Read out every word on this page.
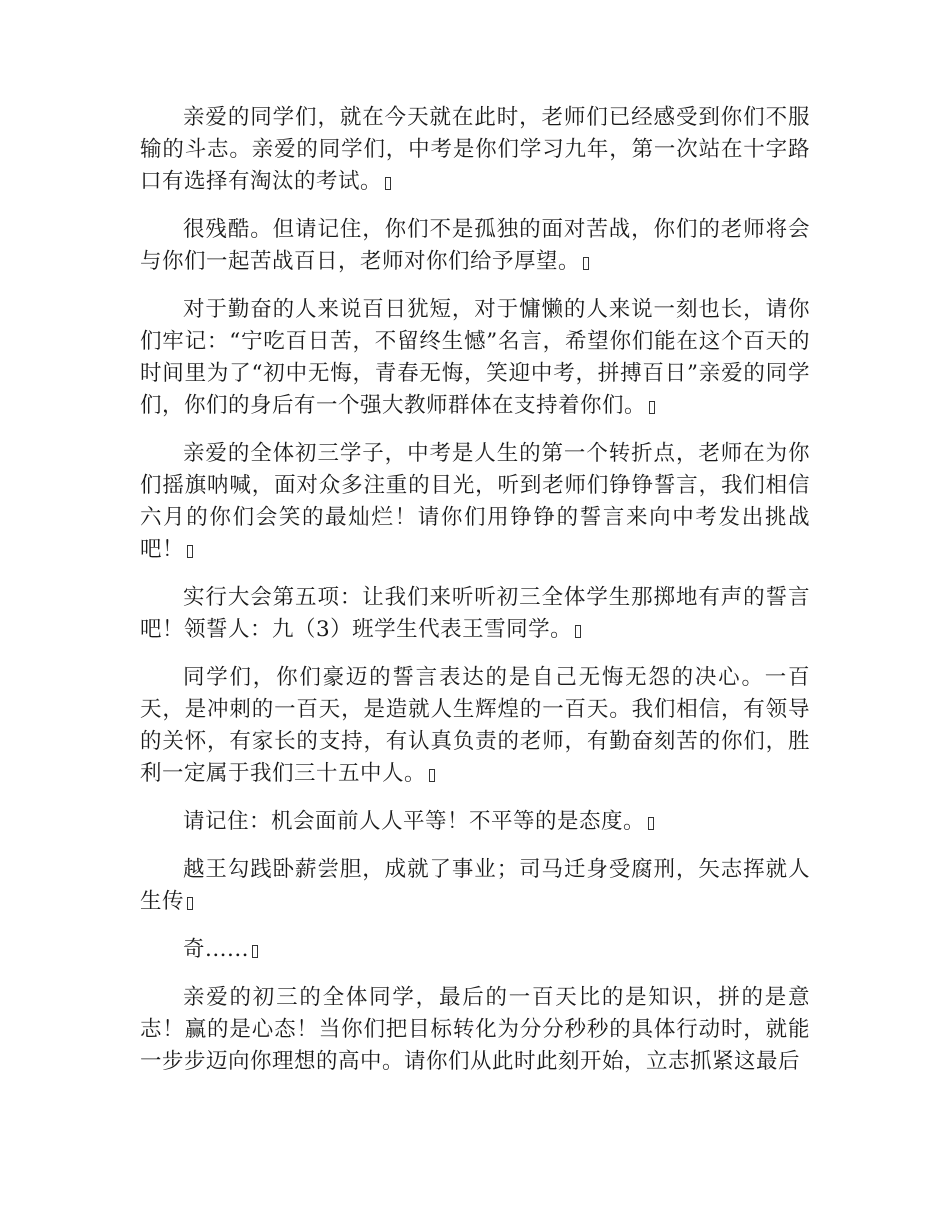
亲爱的同学们，就在今天就在此时，老师们已经感受到你们不服输的斗志。亲爱的同学们，中考是你们学习九年，第一次站在十字路口有选择有淘汰的考试。

很残酷。但请记住，你们不是孤独的面对苦战，你们的老师将会与你们一起苦战百日，老师对你们给予厚望。

对于勤奋的人来说百日犹短，对于慵懒的人来说一刻也长，请你们牢记：“宁吃百日苦，不留终生憾”名言，希望你们能在这个百天的时间里为了“初中无悔，青春无悔，笑迎中考，拼搏百日”亲爱的同学们，你们的身后有一个强大教师群体在支持着你们。

亲爱的全体初三学子，中考是人生的第一个转折点，老师在为你们摇旗呐喊，面对众多注重的目光，听到老师们铮铮誓言，我们相信六月的你们会笑的最灿烂！请你们用铮铮的誓言来向中考发出挑战吧！

实行大会第五项：让我们来听听初三全体学生那掷地有声的誓言吧！领誓人：九（3）班学生代表王雪同学。

同学们，你们豪迈的誓言表达的是自己无悔无怨的决心。一百天，是冲刺的一百天，是造就人生辉煌的一百天。我们相信，有领导的关怀，有家长的支持，有认真负责的老师，有勤奋刻苦的你们，胜利一定属于我们三十五中人。

请记住：机会面前人人平等！不平等的是态度。

越王勾践卧薪尝胆，成就了事业；司马迁身受腐刑，矢志挥就人生传

奇......

亲爱的初三的全体同学，最后的一百天比的是知识，拼的是意志！赢的是心态！当你们把目标转化为分分秒秒的具体行动时，就能一步步迈向你理想的高中。请你们从此时此刻开始，立志抓紧这最后
